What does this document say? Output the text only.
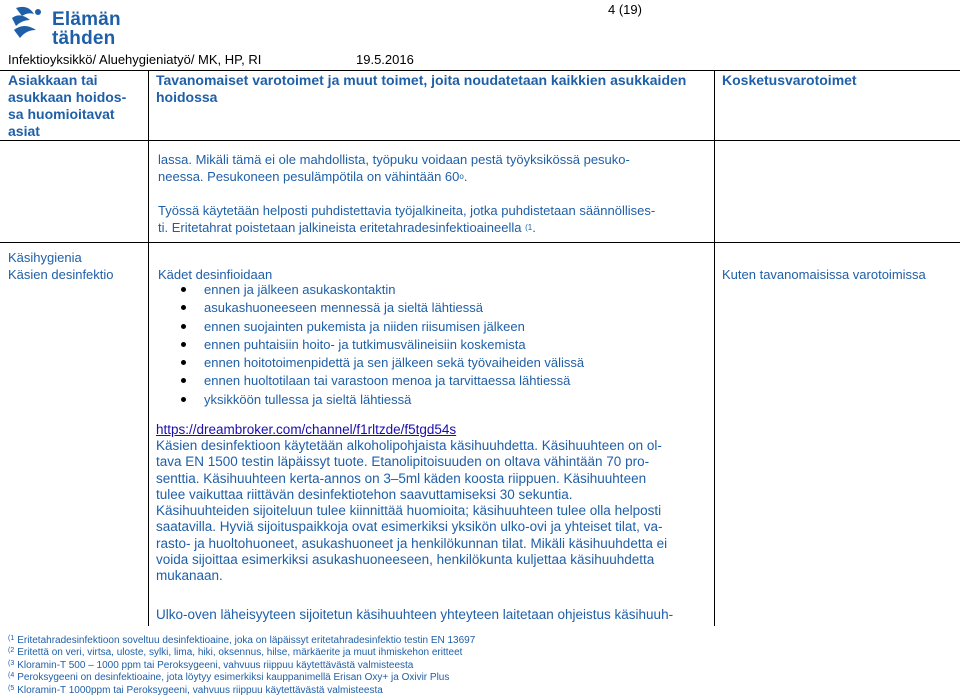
Elämän
tähden
4 (19)
Infektioyksikkö/ Aluehygieniatyö/ MK, HP, RI	19.5.2016
Asiakkaan tai
asukkaan hoidos-
sa huomioitavat
asiat
Tavanomaiset varotoimet ja muut toimet, joita noudatetaan kaikkien asukkaiden
hoidossa
Kosketusvarotoimet
lassa. Mikäli tämä ei ole mahdollista, työpuku voidaan pestä työyksikössä pesuko-
neessa. Pesukoneen pesulämpötila on vähintään 60$^o$.
Työssä käytetään helposti puhdistettavia työjalkineita, jotka puhdistetaan säännöllises-
ti. Eritetahrat poistetaan jalkineista eritetahradesinfektioaineella $^{(1}$.
Käsihygienia
Käsien desinfektio	Kädet desinfioidaan
ennen ja jälkeen asukaskontaktin
asukashuoneeseen mennessä ja sieltä lähtiessä
ennen suojainten pukemista ja niiden riisumisen jälkeen
ennen puhtaisiin hoito- ja tutkimusvälineisiin koskemista
ennen hoitotoimenpidettä ja sen jälkeen sekä työvaiheiden välissä
ennen huoltotilaan tai varastoon menoa ja tarvittaessa lähtiessä
yksikköön tullessa ja sieltä lähtiessä
https://dreambroker.com/channel/f1rltzde/f5tgd54s
Käsien desinfektioon käytetään alkoholipohjaista käsihuuhdetta. Käsihuuhteen on ol-
tava EN 1500 testin läpäissyt tuote. Etanolipitoisuuden on oltava vähintään 70 pro-
senttia. Käsihuuhteen kerta-annos on 3–5ml käden koosta riippuen. Käsihuuhteen
tulee vaikuttaa riittävän desinfektiotehon saavuttamiseksi 30 sekuntia.
Käsihuuhteiden sijoiteluun tulee kiinnittää huomioita; käsihuuhteen tulee olla helposti
saatavilla. Hyviä sijoituspaikkoja ovat esimerkiksi yksikön ulko-ovi ja yhteiset tilat, va-
rasto- ja huoltohuoneet, asukashuoneet ja henkilökunnan tilat. Mikäli käsihuuhdetta ei
voida sijoittaa esimerkiksi asukashuoneeseen, henkilökunta kuljettaa käsihuuhdetta
mukanaan.
Ulko-oven läheisyyteen sijoitetun käsihuuhteen yhteyteen laitetaan ohjeistus käsihuuh-
Kuten tavanomaisissa varotoimissa
$^{(1}$ Eritetahradesinfektioon soveltuu desinfektioaine, joka on läpäissyt eritetahradesinfektio testin EN 13697
$^{(2}$ Eritettä on veri, virtsa, uloste, sylki, lima, hiki, oksennus, hilse, märkäerite ja muut ihmiskehon eritteet
$^{(3}$ Kloramin-T 500 – 1000 ppm tai Peroksygeeni, vahvuus riippuu käytettävästä valmisteesta
$^{(4}$ Peroksygeeni on desinfektioaine, jota löytyy esimerkiksi kauppanimellä Erisan Oxy+ ja Oxivir Plus
$^{(5}$ Kloramin-T 1000ppm tai Peroksygeeni, vahvuus riippuu käytettävästä valmisteesta
